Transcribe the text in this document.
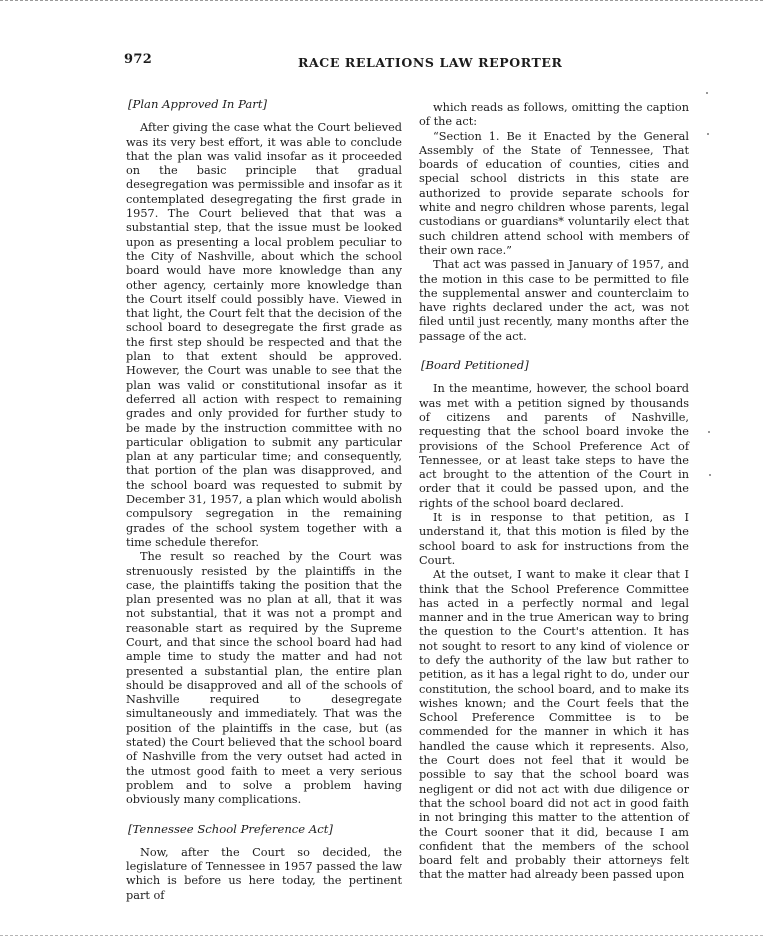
972	RACE RELATIONS LAW REPORTER
[Plan Approved In Part]

After giving the case what the Court believed was its very best effort, it was able to conclude that the plan was valid insofar as it proceeded on the basic principle that gradual desegregation was permissible and insofar as it contemplated desegregating the first grade in 1957. The Court believed that that was a substantial step, that the issue must be looked upon as presenting a local problem peculiar to the City of Nashville, about which the school board would have more knowledge than any other agency, certainly more knowledge than the Court itself could possibly have. Viewed in that light, the Court felt that the decision of the school board to desegregate the first grade as the first step should be respected and that the plan to that extent should be approved. However, the Court was unable to see that the plan was valid or constitutional insofar as it deferred all action with respect to remaining grades and only provided for further study to be made by the instruction committee with no particular obligation to submit any particular plan at any particular time; and consequently, that portion of the plan was disapproved, and the school board was requested to submit by December 31, 1957, a plan which would abolish compulsory segregation in the remaining grades of the school system together with a time schedule therefor.

The result so reached by the Court was strenuously resisted by the plaintiffs in the case, the plaintiffs taking the position that the plan presented was no plan at all, that it was not substantial, that it was not a prompt and reasonable start as required by the Supreme Court, and that since the school board had had ample time to study the matter and had not presented a substantial plan, the entire plan should be disapproved and all of the schools of Nashville required to desegregate simultaneously and immediately. That was the position of the plaintiffs in the case, but (as stated) the Court believed that the school board of Nashville from the very outset had acted in the utmost good faith to meet a very serious problem and to solve a problem having obviously many complications.

[Tennessee School Preference Act]

Now, after the Court so decided, the legislature of Tennessee in 1957 passed the law which is before us here today, the pertinent part of

which reads as follows, omitting the caption of the act:

“Section 1. Be it Enacted by the General Assembly of the State of Tennessee, That boards of education of counties, cities and special school districts in this state are authorized to provide separate schools for white and negro children whose parents, legal custodians or guardians* voluntarily elect that such children attend school with members of their own race.”

That act was passed in January of 1957, and the motion in this case to be permitted to file the supplemental answer and counterclaim to have rights declared under the act, was not filed until just recently, many months after the passage of the act.

[Board Petitioned]

In the meantime, however, the school board was met with a petition signed by thousands of citizens and parents of Nashville, requesting that the school board invoke the provisions of the School Preference Act of Tennessee, or at least take steps to have the act brought to the attention of the Court in order that it could be passed upon, and the rights of the school board declared.

It is in response to that petition, as I understand it, that this motion is filed by the school board to ask for instructions from the Court.

At the outset, I want to make it clear that I think that the School Preference Committee has acted in a perfectly normal and legal manner and in the true American way to bring the question to the Court's attention. It has not sought to resort to any kind of violence or to defy the authority of the law but rather to petition, as it has a legal right to do, under our constitution, the school board, and to make its wishes known; and the Court feels that the School Preference Committee is to be commended for the manner in which it has handled the cause which it represents. Also, the Court does not feel that it would be possible to say that the school board was negligent or did not act with due diligence or that the school board did not act in good faith in not bringing this matter to the attention of the Court sooner that it did, because I am confident that the members of the school board felt and probably their attorneys felt that the matter had already been passed upon
